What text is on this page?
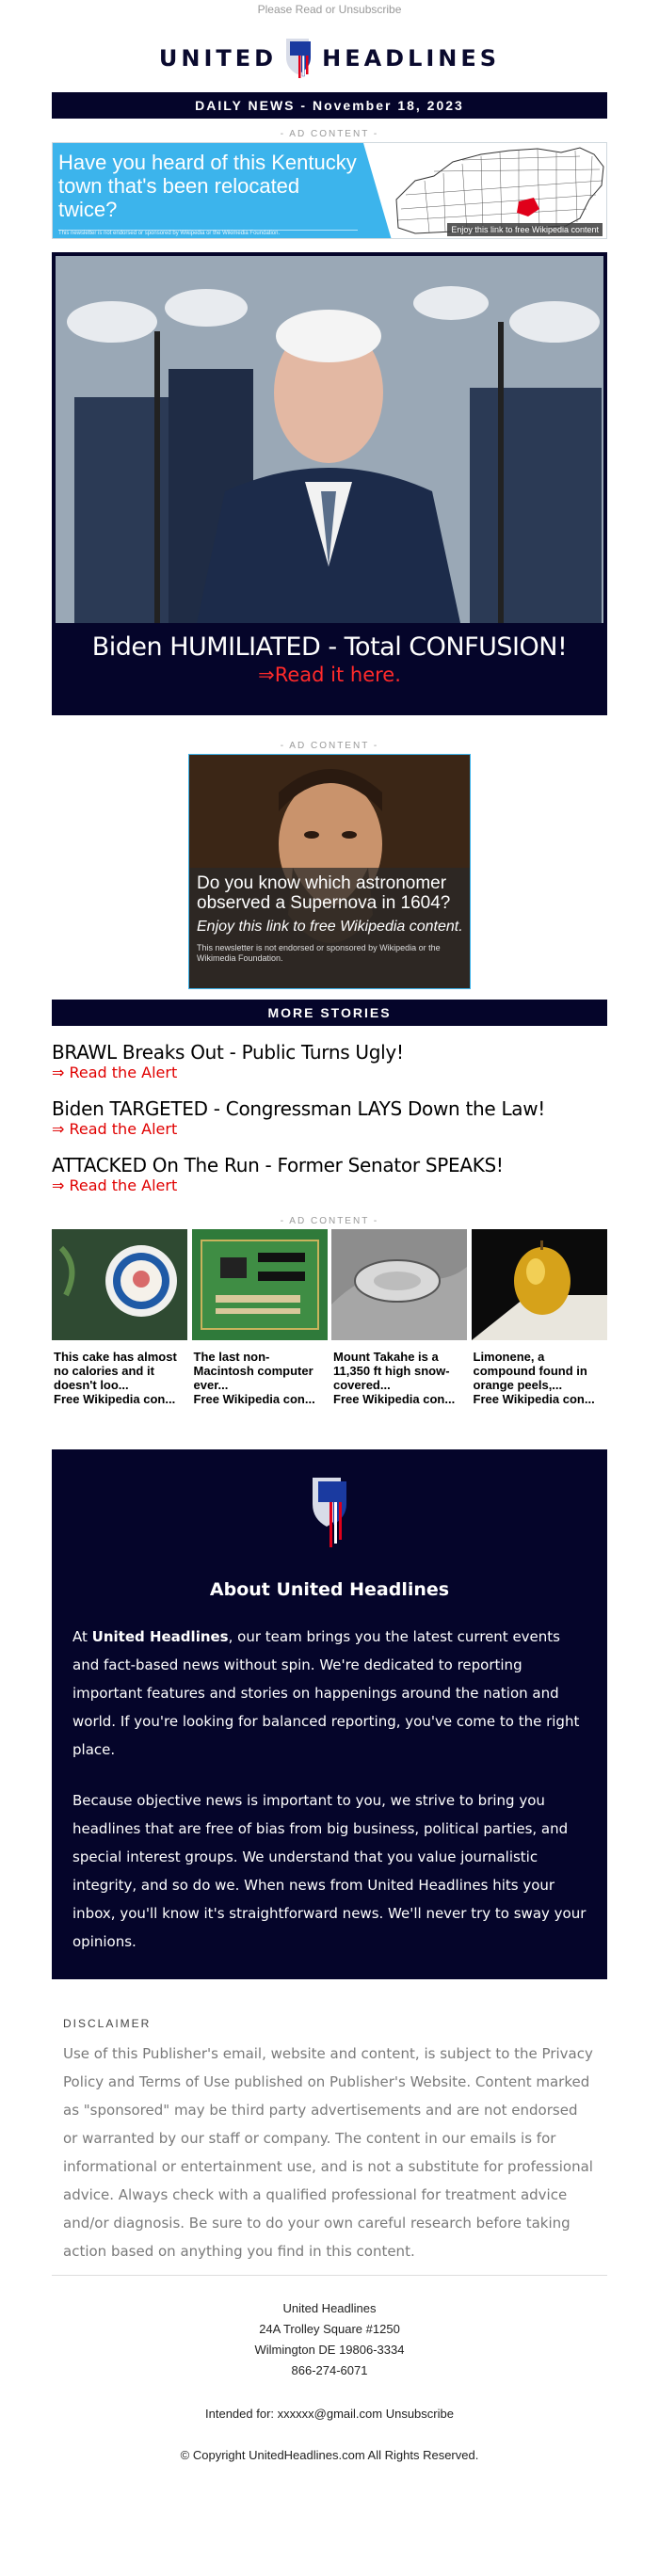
Please Read or Unsubscribe
UNITED HEADLINES
DAILY NEWS - November 18, 2023
- AD CONTENT -
Have you heard of this Kentucky town that's been relocated twice?
This newsletter is not endorsed or sponsored by Wikipedia or the Wikimedia Foundation.	Enjoy this link to free Wikipedia content
Biden HUMILIATED - Total CONFUSION!
⇒Read it here.
- AD CONTENT -
Do you know which astronomer observed a Supernova in 1604?
Enjoy this link to free Wikipedia content.
This newsletter is not endorsed or sponsored by Wikipedia or the Wikimedia Foundation.
MORE STORIES
BRAWL Breaks Out - Public Turns Ugly!
⇒ Read the Alert
Biden TARGETED - Congressman LAYS Down the Law!
⇒ Read the Alert
ATTACKED On The Run - Former Senator SPEAKS!
⇒ Read the Alert
- AD CONTENT -
This cake has almost no calories and it doesn't loo...
Free Wikipedia con...
The last non-Macintosh computer ever...
Free Wikipedia con...
Mount Takahe is a 11,350 ft high snow-covered...
Free Wikipedia con...
Limonene, a compound found in orange peels,...
Free Wikipedia con...
About United Headlines

At United Headlines, our team brings you the latest current events and fact-based news without spin. We're dedicated to reporting important features and stories on happenings around the nation and world. If you're looking for balanced reporting, you've come to the right place.

Because objective news is important to you, we strive to bring you headlines that are free of bias from big business, political parties, and special interest groups. We understand that you value journalistic integrity, and so do we. When news from United Headlines hits your inbox, you'll know it's straightforward news. We'll never try to sway your opinions.

DISCLAIMER
Use of this Publisher's email, website and content, is subject to the Privacy Policy and Terms of Use published on Publisher's Website. Content marked as "sponsored" may be third party advertisements and are not endorsed or warranted by our staff or company. The content in our emails is for informational or entertainment use, and is not a substitute for professional advice. Always check with a qualified professional for treatment advice and/or diagnosis. Be sure to do your own careful research before taking action based on anything you find in this content.
United Headlines
24A Trolley Square #1250
Wilmington DE 19806-3334
866-274-6071
Intended for: xxxxxx@gmail.com Unsubscribe
© Copyright UnitedHeadlines.com All Rights Reserved.
